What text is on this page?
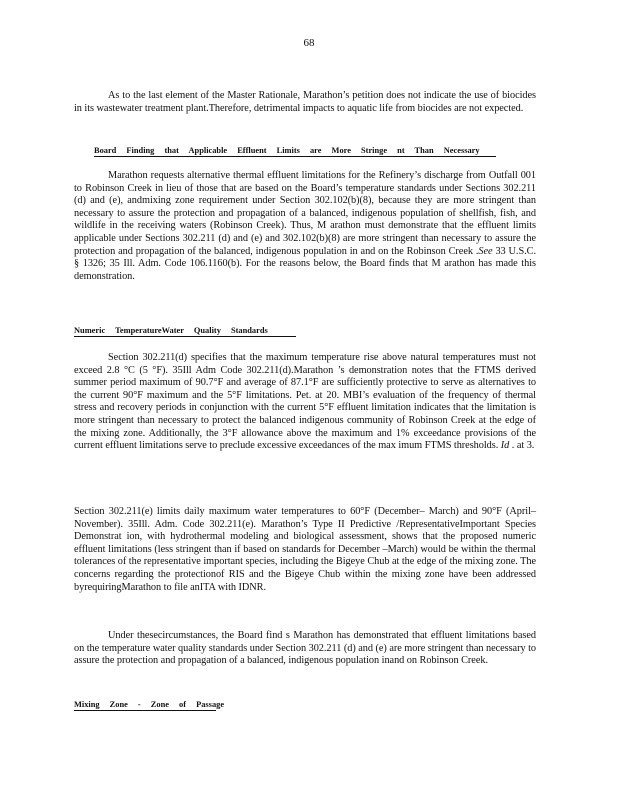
68

As to the last element of the Master Rationale, Marathon’s petition does not indicate the use of biocides in its wastewater treatment plant.Therefore, detrimental impacts to aquatic life from biocides are not expected.

Board Finding that Applicable Effluent Limits are More Stringe nt Than Necessary

Marathon requests alternative thermal effluent limitations for the Refinery’s discharge from Outfall 001 to Robinson Creek in lieu of those that are based on the Board’s temperature standards under Sections 302.211 (d) and (e), andmixing zone requirement under Section 302.102(b)(8), because they are more stringent than necessary to assure the protection and propagation of a balanced, indigenous population of shellfish, fish, and wildlife in the receiving waters (Robinson Creek). Thus, M arathon must demonstrate that the effluent limits applicable under Sections 302.211 (d) and (e) and 302.102(b)(8) are more stringent than necessary to assure the protection and propagation of the balanced, indigenous population in and on the Robinson Creek .See 33 U.S.C. § 1326; 35 Ill. Adm. Code 106.1160(b). For the reasons below, the Board finds that M arathon has made this demonstration.

Numeric TemperatureWater Quality Standards

Section 302.211(d) specifies that the maximum temperature rise above natural temperatures must not exceed 2.8 °C (5 °F). 35Ill Adm Code 302.211(d).Marathon ’s demonstration notes that the FTMS derived summer period maximum of 90.7°F and average of 87.1°F are sufficiently protective to serve as alternatives to the current 90°F maximum and the 5°F limitations. Pet. at 20. MBI’s evaluation of the frequency of thermal stress and recovery periods in conjunction with the current 5°F effluent limitation indicates that the limitation is more stringent than necessary to protect the balanced indigenous community of Robinson Creek at the edge of the mixing zone. Additionally, the 3°F allowance above the maximum and 1% exceedance provisions of the current effluent limitations serve to preclude excessive exceedances of the max imum FTMS thresholds. Id . at 3.

Section 302.211(e) limits daily maximum water temperatures to 60°F (December– March) and 90°F (April–November). 35Ill. Adm. Code 302.211(e). Marathon’s Type II Predictive /RepresentativeImportant Species Demonstrat ion, with hydrothermal modeling and biological assessment, shows that the proposed numeric effluent limitations (less stringent than if based on standards for December –March) would be within the thermal tolerances of the representative important species, including the Bigeye Chub at the edge of the mixing zone. The concerns regarding the protectionof RIS and the Bigeye Chub within the mixing zone have been addressed byrequiringMarathon to file anITA with IDNR.

Under thesecircumstances, the Board find s Marathon has demonstrated that effluent limitations based on the temperature water quality standards under Section 302.211 (d) and (e) are more stringent than necessary to assure the protection and propagation of a balanced, indigenous population inand on Robinson Creek.

Mixing Zone - Zone of Passage
